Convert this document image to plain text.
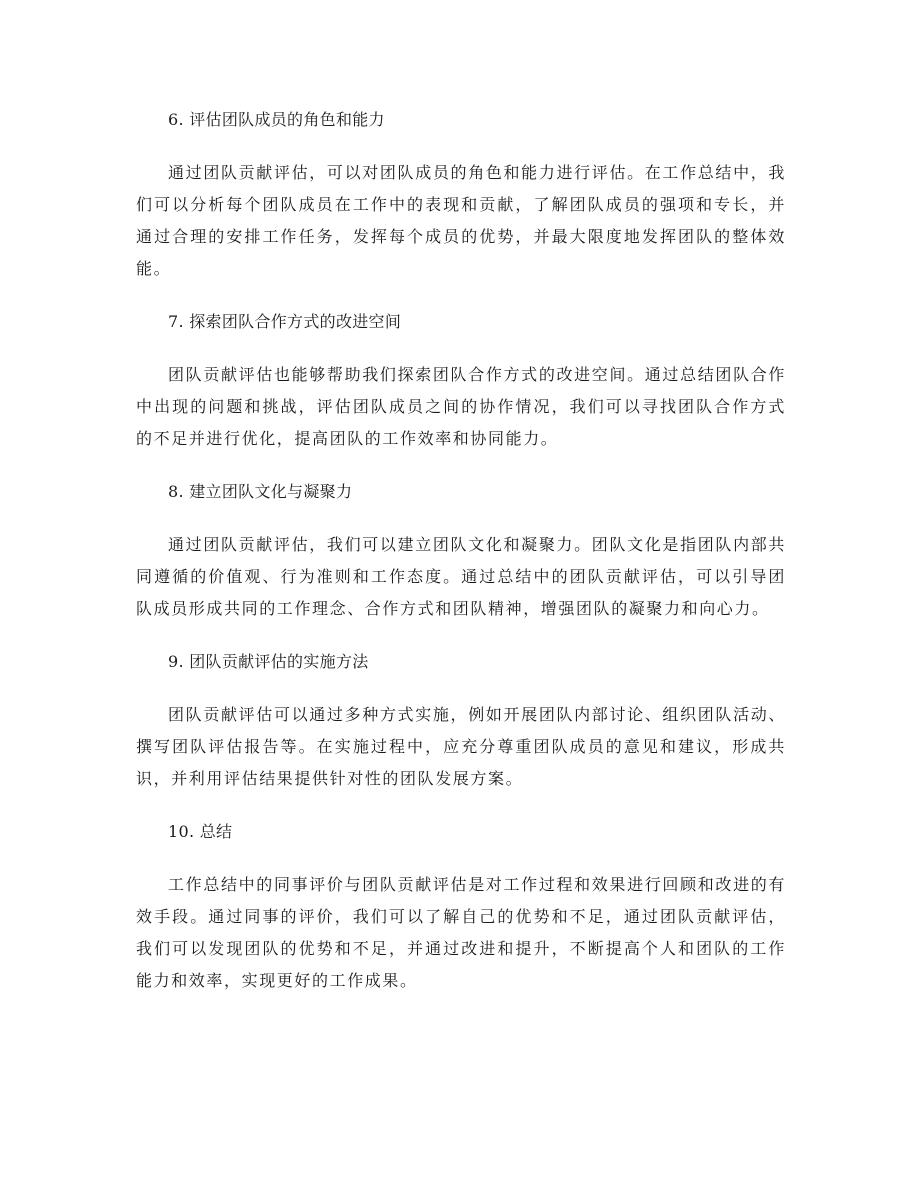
6. 评估团队成员的角色和能力

通过团队贡献评估，可以对团队成员的角色和能力进行评估。在工作总结中，我们可以分析每个团队成员在工作中的表现和贡献，了解团队成员的强项和专长，并通过合理的安排工作任务，发挥每个成员的优势，并最大限度地发挥团队的整体效能。

7. 探索团队合作方式的改进空间

团队贡献评估也能够帮助我们探索团队合作方式的改进空间。通过总结团队合作中出现的问题和挑战，评估团队成员之间的协作情况，我们可以寻找团队合作方式的不足并进行优化，提高团队的工作效率和协同能力。

8. 建立团队文化与凝聚力

通过团队贡献评估，我们可以建立团队文化和凝聚力。团队文化是指团队内部共同遵循的价值观、行为准则和工作态度。通过总结中的团队贡献评估，可以引导团队成员形成共同的工作理念、合作方式和团队精神，增强团队的凝聚力和向心力。

9. 团队贡献评估的实施方法

团队贡献评估可以通过多种方式实施，例如开展团队内部讨论、组织团队活动、撰写团队评估报告等。在实施过程中，应充分尊重团队成员的意见和建议，形成共识，并利用评估结果提供针对性的团队发展方案。

10. 总结

工作总结中的同事评价与团队贡献评估是对工作过程和效果进行回顾和改进的有效手段。通过同事的评价，我们可以了解自己的优势和不足，通过团队贡献评估，我们可以发现团队的优势和不足，并通过改进和提升，不断提高个人和团队的工作能力和效率，实现更好的工作成果。
